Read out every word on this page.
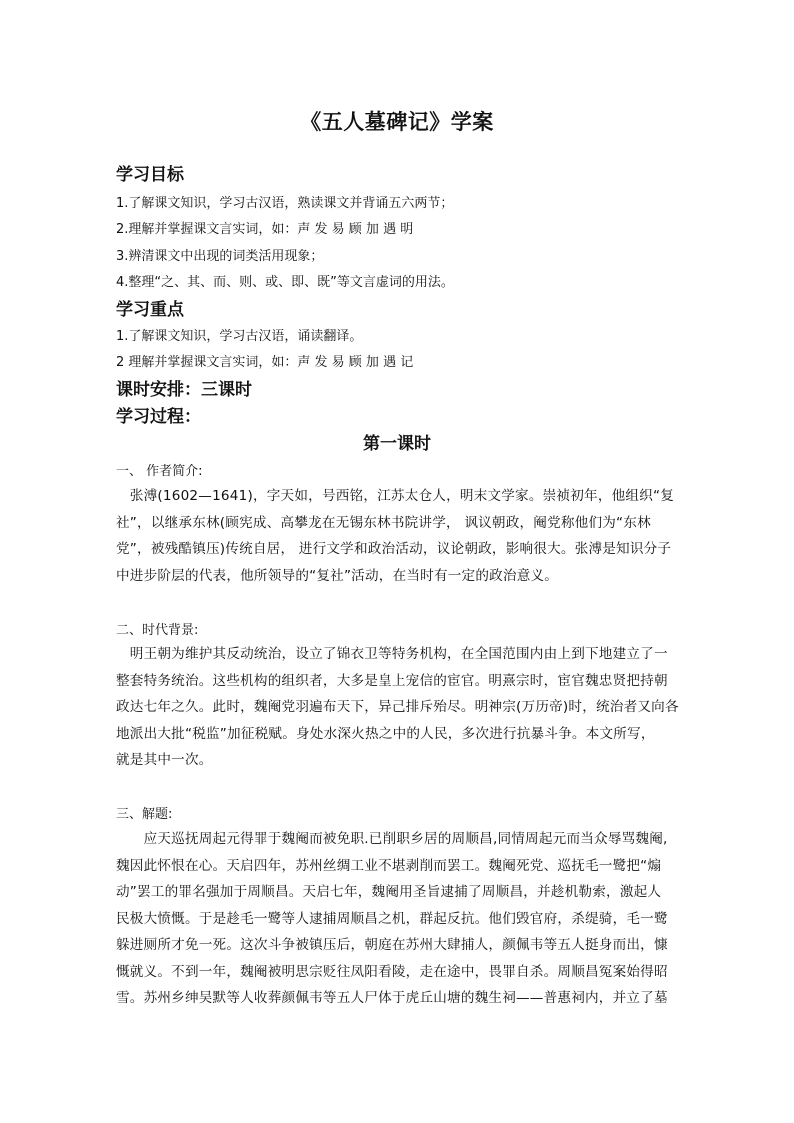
《五人墓碑记》学案
学习目标
1.了解课文知识，学习古汉语，熟读课文并背诵五六两节；
2.理解并掌握课文言实词，如：声 发 易 顾 加 遇 明
3.辨清课文中出现的词类活用现象；
4.整理“之、其、而、则、或、即、既”等文言虚词的用法。
学习重点
1.了解课文知识，学习古汉语，诵读翻译。
2 理解并掌握课文言实词，如：声 发 易 顾 加 遇 记
课时安排：三课时
学习过程：
第一课时
一、 作者简介:
　张溥(1602—1641)，字天如，号西铭，江苏太仓人，明末文学家。崇祯初年，他组织“复
社”，以继承东林(顾宪成、高攀龙在无锡东林书院讲学， 讽议朝政，阉党称他们为“东林
党”，被残酷镇压)传统自居， 进行文学和政治活动，议论朝政，影响很大。张溥是知识分子
中进步阶层的代表，他所领导的“复社”活动，在当时有一定的政治意义。
二、时代背景:
　明王朝为维护其反动统治，设立了锦衣卫等特务机构，在全国范围内由上到下地建立了一
整套特务统治。这些机构的组织者，大多是皇上宠信的宦官。明熹宗时，宦官魏忠贤把持朝
政达七年之久。此时，魏阉党羽遍布天下，异己排斥殆尽。明神宗(万历帝)时，统治者又向各
地派出大批“税监”加征税赋。身处水深火热之中的人民，多次进行抗暴斗争。本文所写，
就是其中一次。
三、解题:
　　应天巡抚周起元得罪于魏阉而被免职.已削职乡居的周顺昌,同情周起元而当众辱骂魏阉,
魏因此怀恨在心。天启四年，苏州丝绸工业不堪剥削而罢工。魏阉死党、巡抚毛一鹭把“煽
动”罢工的罪名强加于周顺昌。天启七年，魏阉用圣旨逮捕了周顺昌，并趁机勒索，激起人
民极大愤慨。于是趁毛一鹭等人逮捕周顺昌之机，群起反抗。他们毁官府，杀缇骑，毛一鹭
躲进厕所才免一死。这次斗争被镇压后，朝庭在苏州大肆捕人，颜佩韦等五人挺身而出，慷
慨就义。不到一年，魏阉被明思宗贬往凤阳看陵，走在途中，畏罪自杀。周顺昌冤案始得昭
雪。苏州乡绅吴默等人收葬颜佩韦等五人尸体于虎丘山塘的魏生祠——普惠祠内，并立了墓
